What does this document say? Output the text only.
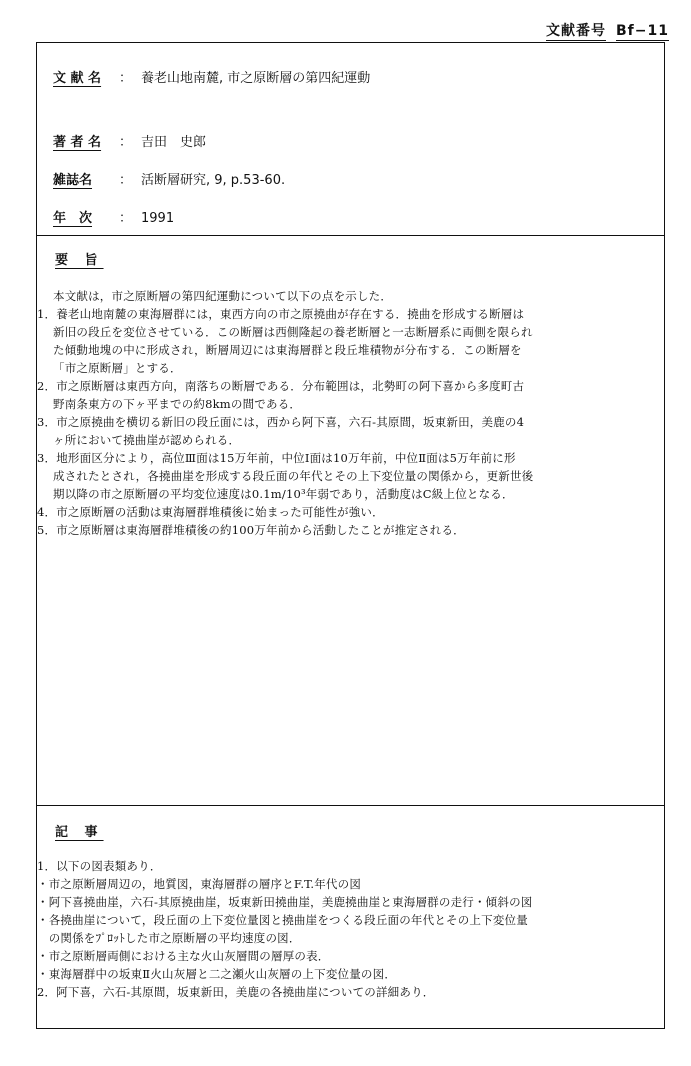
文献番号 Bf−11
文 献 名 ： 養老山地南麓, 市之原断層の第四紀運動
著 者 名 ： 吉田　史郎
雑誌名 ： 活断層研究, 9, p.53-60.
年　次 ： 1991
要 旨
本文献は，市之原断層の第四紀運動について以下の点を示した．
1．養老山地南麓の東海層群には，東西方向の市之原撓曲が存在する．撓曲を形成する断層は
新旧の段丘を変位させている．この断層は西側隆起の養老断層と一志断層系に両側を限られ
た傾動地塊の中に形成され，断層周辺には東海層群と段丘堆積物が分布する．この断層を
「市之原断層」とする．
2．市之原断層は東西方向，南落ちの断層である．分布範囲は，北勢町の阿下喜から多度町古
野南条東方の下ヶ平までの約8kmの間である．
3．市之原撓曲を横切る新旧の段丘面には，西から阿下喜，六石-其原間，坂東新田，美鹿の4
ヶ所において撓曲崖が認められる．
3．地形面区分により，高位Ⅲ面は15万年前，中位Ⅰ面は10万年前，中位Ⅱ面は5万年前に形
成されたとされ，各撓曲崖を形成する段丘面の年代とその上下変位量の関係から，更新世後
期以降の市之原断層の平均変位速度は0.1m/10³年弱であり，活動度はC級上位となる．
4．市之原断層の活動は東海層群堆積後に始まった可能性が強い．
5．市之原断層は東海層群堆積後の約100万年前から活動したことが推定される．
記 事
1．以下の図表類あり．
・市之原断層周辺の，地質図，東海層群の層序とF.T.年代の図
・阿下喜撓曲崖，六石-其原撓曲崖，坂東新田撓曲崖，美鹿撓曲崖と東海層群の走行・傾斜の図
・各撓曲崖について，段丘面の上下変位量図と撓曲崖をつくる段丘面の年代とその上下変位量
　の関係をﾌﾟﾛｯﾄした市之原断層の平均速度の図．
・市之原断層両側における主な火山灰層間の層厚の表．
・東海層群中の坂東Ⅱ火山灰層と二之瀬火山灰層の上下変位量の図．
2．阿下喜，六石-其原間，坂東新田，美鹿の各撓曲崖についての詳細あり．
